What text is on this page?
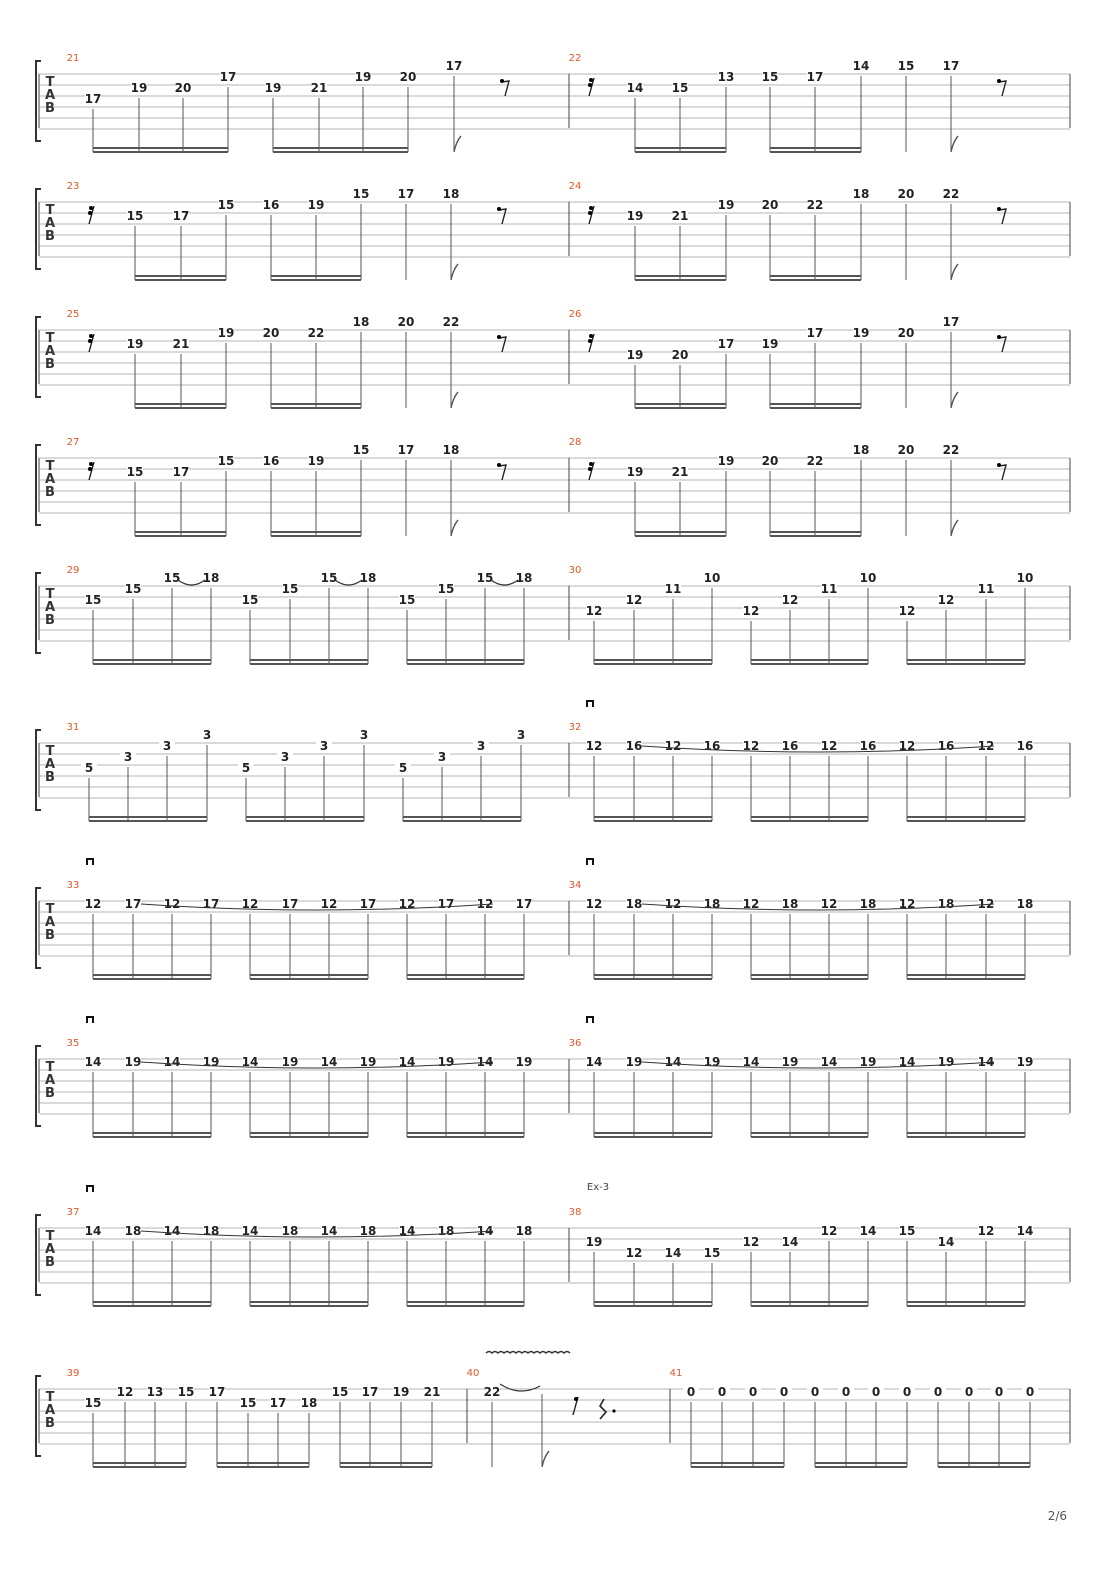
T
A
B
21
17
19 20
17
19 21
19 20
17
22
14 15
13 15 17
14 15 17
T
A
B
23
15 17
15 16 19
15 17 18
24
19 21
19 20 22
18 20 22
T
A
B
25
19 21
19 20 22
18 20 22
26
19 20
17 19
17 19 20
17
T
A
B
27
15 17
15 16 19
15 17 18
28
19 21
19 20 22
18 20 22
T
A
B
29
15
15
15 18
15
15
15 18
15
15
15 18
30
12
12
11
10
12
12
11
10
12
12
11
10
T
A
B
31
5
3
3
3
5
3
3
3
5
3
3
3
32
12 16 12 16 12 16 12 16 12 16 12 16
T
A
B
33
12 17 12 17 12 17 12 17 12 17 12 17
34
12 18 12 18 12 18 12 18 12 18 12 18
T
A
B
35
14 19 14 19 14 19 14 19 14 19 14 19
36
14 19 14 19 14 19 14 19 14 19 14 19
T
A
B
37
14 18 14 18 14 18 14 18 14 18 14 18
38
19
12 14 15
12 14
12 14 15
14
12 14
Ex-3
T
A
B
39
15
12 13 15 17
15 17 18
15 17 19 21
40
22
41
0 0 0 0 0 0 0 0 0 0 0 0
2/6
